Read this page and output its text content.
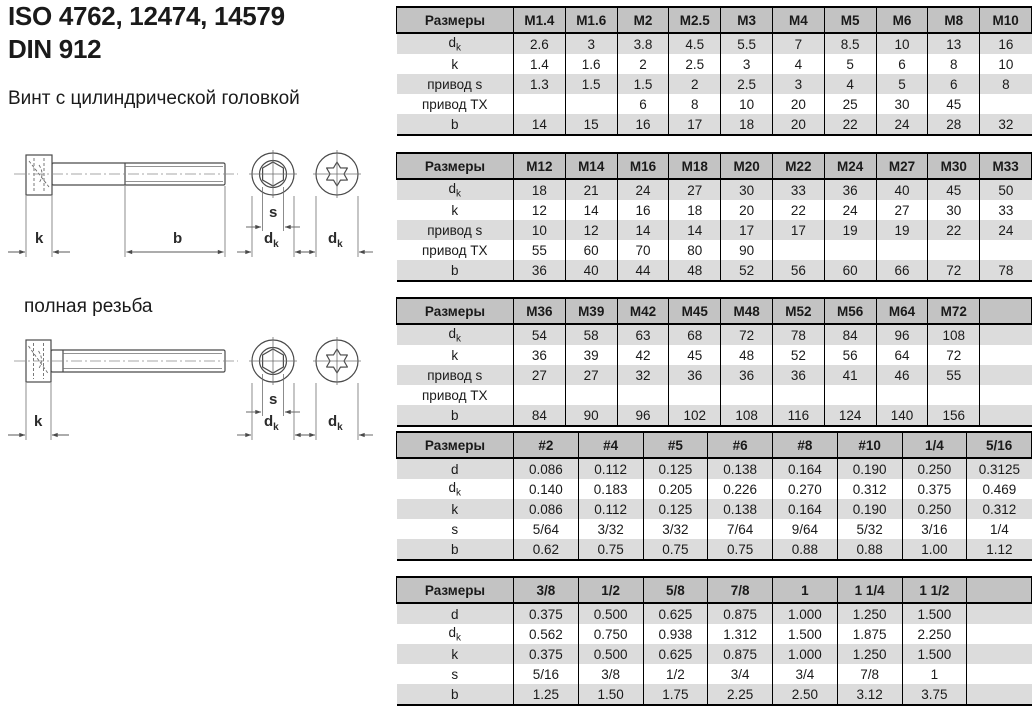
ISO 4762, 12474, 14579
DIN 912
Винт с цилиндрической головкой
полная резьба
k	b
s
$d_k$	$d_k$
k
s
$d_k$	$d_k$
Размеры	M1.4	M1.6	M2	M2.5	M3	M4	M5	M6	M8	M10
$d_k$	2.6	3	3.8	4.5	5.5	7	8.5	10	13	16
k	1.4	1.6	2	2.5	3	4	5	6	8	10
привод s	1.3	1.5	1.5	2	2.5	3	4	5	6	8
привод TX			6	8	10	20	25	30	45	
b	14	15	16	17	18	20	22	24	28	32
Размеры	M12	M14	M16	M18	M20	M22	M24	M27	M30	M33
$d_k$	18	21	24	27	30	33	36	40	45	50
k	12	14	16	18	20	22	24	27	30	33
привод s	10	12	14	14	17	17	19	19	22	24
привод TX	55	60	70	80	90					
b	36	40	44	48	52	56	60	66	72	78
Размеры	M36	M39	M42	M45	M48	M52	M56	M64	M72	
$d_k$	54	58	63	68	72	78	84	96	108	
k	36	39	42	45	48	52	56	64	72	
привод s	27	27	32	36	36	36	41	46	55	
привод TX										
b	84	90	96	102	108	116	124	140	156	
Размеры	#2	#4	#5	#6	#8	#10	1/4	5/16
d	0.086	0.112	0.125	0.138	0.164	0.190	0.250	0.3125
$d_k$	0.140	0.183	0.205	0.226	0.270	0.312	0.375	0.469
k	0.086	0.112	0.125	0.138	0.164	0.190	0.250	0.312
s	5/64	3/32	3/32	7/64	9/64	5/32	3/16	1/4
b	0.62	0.75	0.75	0.75	0.88	0.88	1.00	1.12
Размеры	3/8	1/2	5/8	7/8	1	1 1/4	1 1/2	
d	0.375	0.500	0.625	0.875	1.000	1.250	1.500	
$d_k$	0.562	0.750	0.938	1.312	1.500	1.875	2.250	
k	0.375	0.500	0.625	0.875	1.000	1.250	1.500	
s	5/16	3/8	1/2	3/4	3/4	7/8	1	
b	1.25	1.50	1.75	2.25	2.50	3.12	3.75	
